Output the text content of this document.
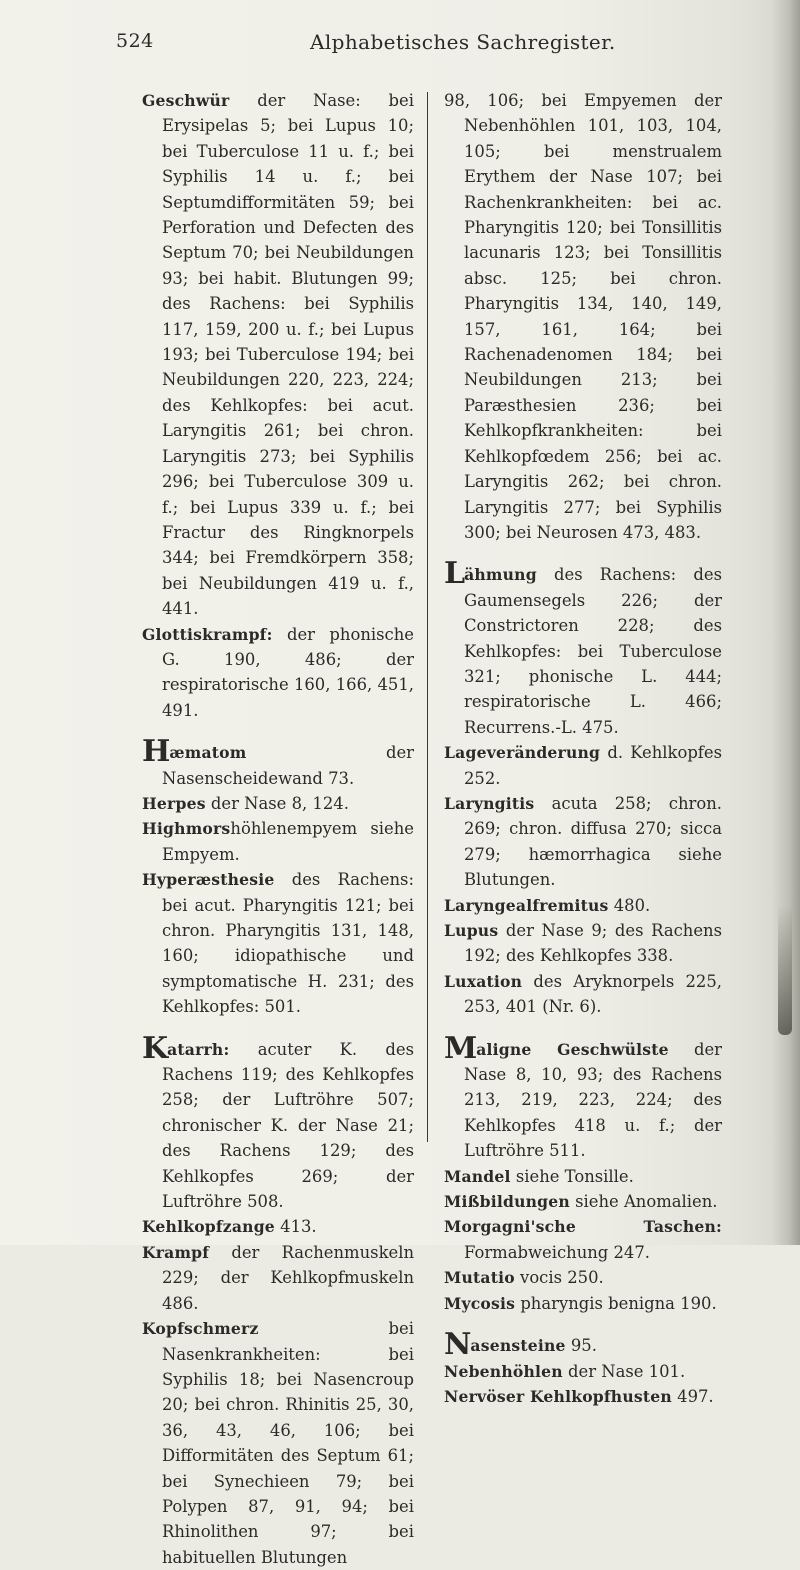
524	Alphabetisches Sachregister.

Geschwür der Nase: bei Erysipelas 5; bei Lupus 10; bei Tuberculose 11 u. f.; bei Syphilis 14 u. f.; bei Septumdifformitäten 59; bei Perforation und Defecten des Septum 70; bei Neubildungen 93; bei habit. Blutungen 99; des Rachens: bei Syphilis 117, 159, 200 u. f.; bei Lupus 193; bei Tuberculose 194; bei Neubildungen 220, 223, 224; des Kehlkopfes: bei acut. Laryngitis 261; bei chron. Laryngitis 273; bei Syphilis 296; bei Tuberculose 309 u. f.; bei Lupus 339 u. f.; bei Fractur des Ringknorpels 344; bei Fremdkörpern 358; bei Neubildungen 419 u. f., 441.

Glottiskrampf: der phonische G. 190, 486; der respiratorische 160, 166, 451, 491.

Hæmatom der Nasenscheidewand 73.

Herpes der Nase 8, 124.

Highmorshöhlenempyem siehe Empyem.

Hyperæsthesie des Rachens: bei acut. Pharyngitis 121; bei chron. Pharyngitis 131, 148, 160; idiopathische und symptomatische H. 231; des Kehlkopfes: 501.

Katarrh: acuter K. des Rachens 119; des Kehlkopfes 258; der Luftröhre 507; chronischer K. der Nase 21; des Rachens 129; des Kehlkopfes 269; der Luftröhre 508.

Kehlkopfzange 413.

Krampf der Rachenmuskeln 229; der Kehlkopfmuskeln 486.

Kopfschmerz bei Nasenkrankheiten: bei Syphilis 18; bei Nasencroup 20; bei chron. Rhinitis 25, 30, 36, 43, 46, 106; bei Difformitäten des Septum 61; bei Synechieen 79; bei Polypen 87, 91, 94; bei Rhinolithen 97; bei habituellen Blutungen

98, 106; bei Empyemen der Nebenhöhlen 101, 103, 104, 105; bei menstrualem Erythem der Nase 107; bei Rachenkrankheiten: bei ac. Pharyngitis 120; bei Tonsillitis lacunaris 123; bei Tonsillitis absc. 125; bei chron. Pharyngitis 134, 140, 149, 157, 161, 164; bei Rachenadenomen 184; bei Neubildungen 213; bei Paræsthesien 236; bei Kehlkopfkrankheiten: bei Kehlkopfœdem 256; bei ac. Laryngitis 262; bei chron. Laryngitis 277; bei Syphilis 300; bei Neurosen 473, 483.

Lähmung des Rachens: des Gaumensegels 226; der Constrictoren 228; des Kehlkopfes: bei Tuberculose 321; phonische L. 444; respiratorische L. 466; Recurrens.-L. 475.

Lageveränderung d. Kehlkopfes 252.

Laryngitis acuta 258; chron. 269; chron. diffusa 270; sicca 279; hæmorrhagica siehe Blutungen.

Laryngealfremitus 480.

Lupus der Nase 9; des Rachens 192; des Kehlkopfes 338.

Luxation des Aryknorpels 225, 253, 401 (Nr. 6).

Maligne Geschwülste der Nase 8, 10, 93; des Rachens 213, 219, 223, 224; des Kehlkopfes 418 u. f.; der Luftröhre 511.

Mandel siehe Tonsille.

Mißbildungen siehe Anomalien.

Morgagni'sche Taschen: Formabweichung 247.

Mutatio vocis 250.

Mycosis pharyngis benigna 190.

Nasensteine 95.

Nebenhöhlen der Nase 101.

Nervöser Kehlkopfhusten 497.
